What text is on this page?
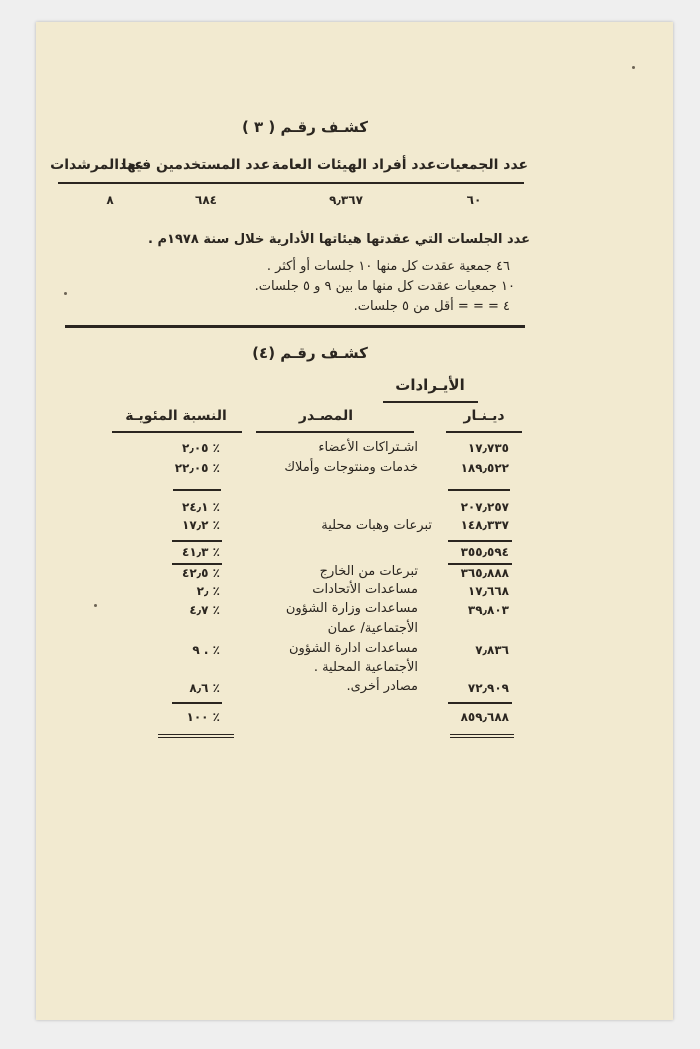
كشـف رقـم ( ٣ )
عدد الجمعيات
عدد أفراد الهيئات العامة
عدد المستخدمين فيها
عددالمرشدات
٦٠
٩٫٣٦٧
٦٨٤
٨
عدد الجلسات التي عقدتها هيئاتها الأدارية خلال سنة ١٩٧٨م .
٤٦ جمعية عقدت كل منها ١٠ جلسات أو أكثر .
١٠ جمعيات عقدت كل منها ما بين ٩ و ٥ جلسات.
٤ = = = أقل من ٥ جلسات.
كشـف رقـم (٤)
الأيـرادات
ديـنـار
المصـدر
النسبة المئويـة
١٧٫٧٣٥
اشـتراكات الأعضاء
٢٫٠٥ ٪
١٨٩٫٥٢٢
خدمات ومنتوجات وأملاك
٢٢٫٠٥ ٪
٢٠٧٫٢٥٧
٢٤٫١ ٪
١٤٨٫٣٣٧
تبرعات وهبات محلية
١٧٫٢ ٪
٣٥٥٫٥٩٤
٤١٫٣ ٪
٣٦٥٫٨٨٨
تبرعات من الخارج
٤٢٫٥ ٪
١٧٫٦٦٨
مساعدات الأتحادات
٢٫ ٪
٣٩٫٨٠٣
مساعدات وزارة الشؤون
٤٫٧ ٪
الأجتماعية/ عمان
٧٫٨٣٦
مساعدات ادارة الشؤون
٩ . ٪
الأجتماعية المحلية .
٧٢٫٩٠٩
مصادر أخرى.
٨٫٦ ٪
٨٥٩٫٦٨٨
١٠٠ ٪
